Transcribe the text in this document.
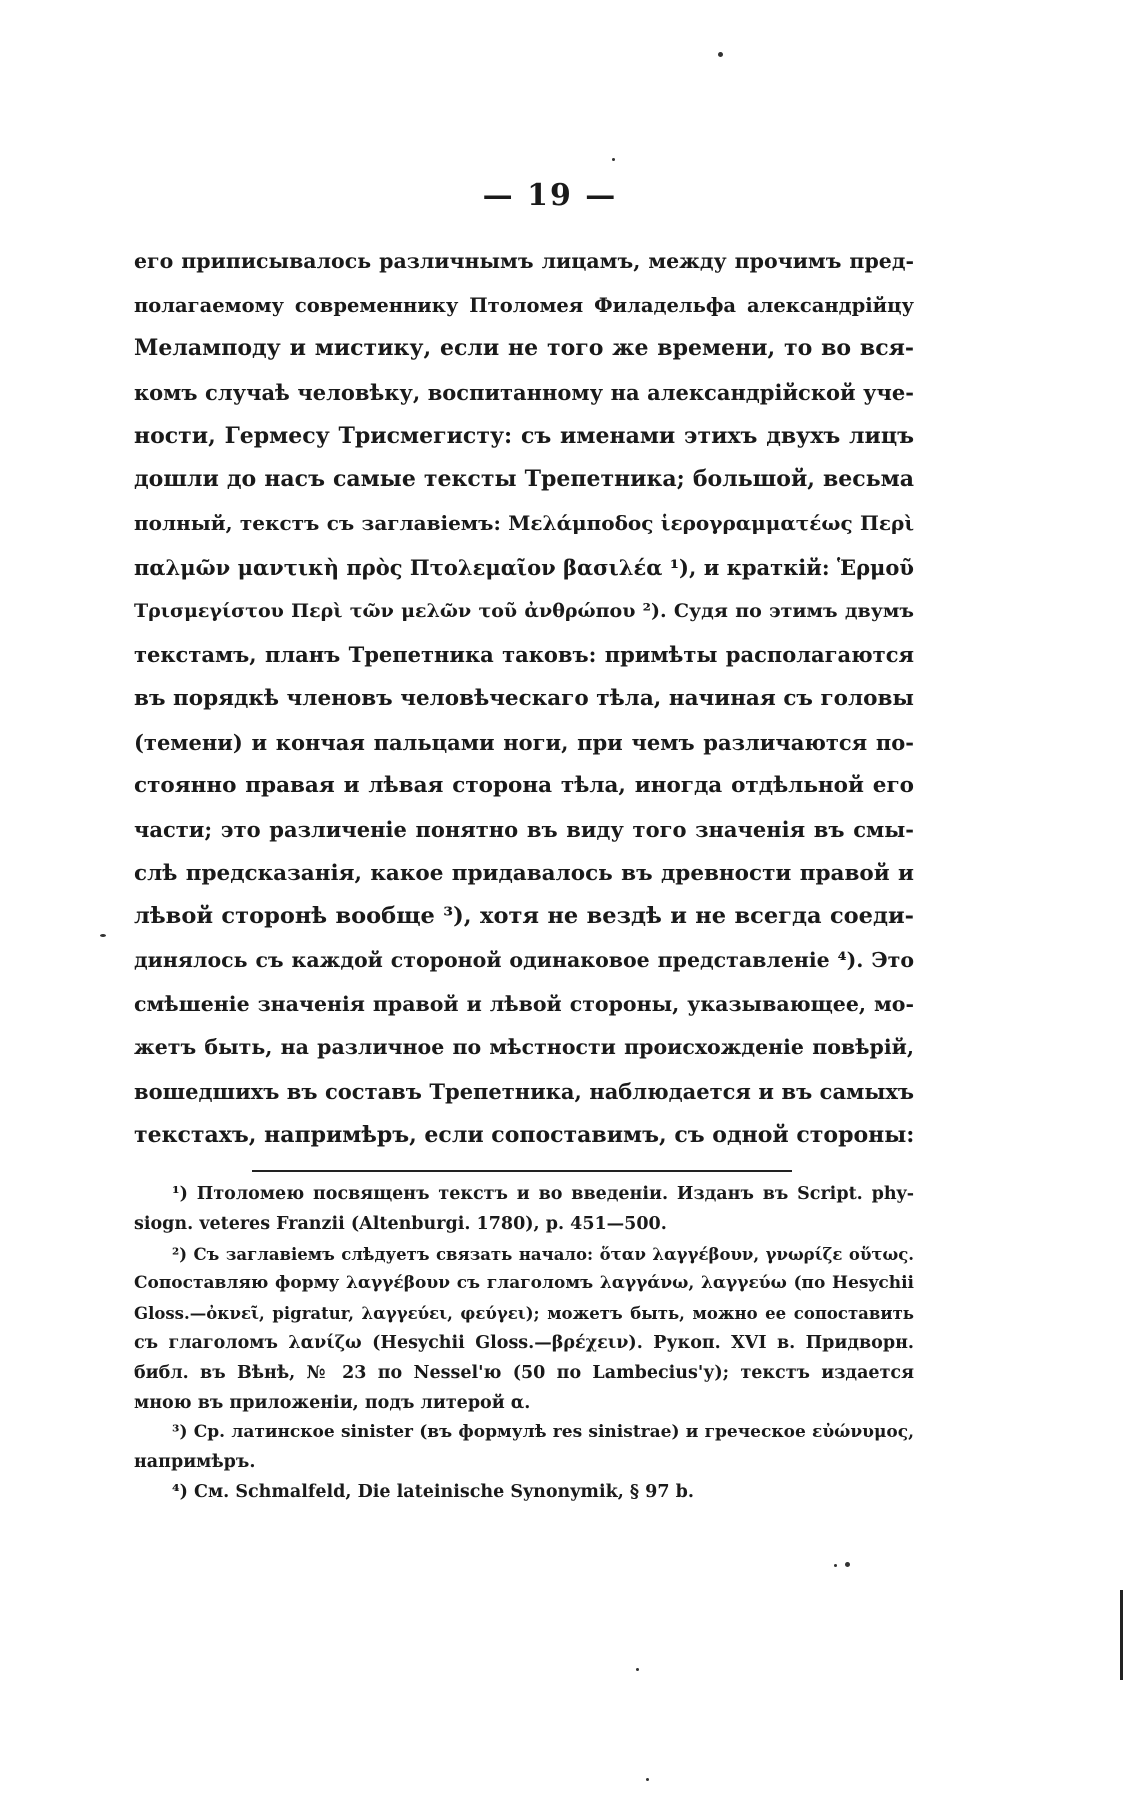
— 19 —
его приписывалось различнымъ лицамъ, между прочимъ пред-
полагаемому современнику Птоломея Филадельфа александрійцу
Меламподу и мистику, если не того же времени, то во вся-
комъ случаѣ человѣку, воспитанному на александрійской уче-
ности, Гермесу Трисмегисту: съ именами этихъ двухъ лицъ
дошли до насъ самые тексты Трепетника; большой, весьма
полный, текстъ съ заглавіемъ: Μελάμποδος ἱερογραμματέως Περὶ
παλμῶν μαντικὴ πρὸς Πτολεμαῖον βασιλέα ¹), и краткій: Ἑρμοῦ
Τρισμεγίστου Περὶ τῶν μελῶν τοῦ ἀνθρώπου ²). Судя по этимъ двумъ
текстамъ, планъ Трепетника таковъ: примѣты располагаются
въ порядкѣ членовъ человѣческаго тѣла, начиная съ головы
(темени) и кончая пальцами ноги, при чемъ различаются по-
стоянно правая и лѣвая сторона тѣла, иногда отдѣльной его
части; это различеніе понятно въ виду того значенія въ смы-
слѣ предсказанія, какое придавалось въ древности правой и
лѣвой сторонѣ вообще ³), хотя не вездѣ и не всегда соеди-
динялось съ каждой стороной одинаковое представленіе ⁴). Это
смѣшеніе значенія правой и лѣвой стороны, указывающее, мо-
жетъ быть, на различное по мѣстности происхожденіе повѣрій,
вошедшихъ въ составъ Трепетника, наблюдается и въ самыхъ
текстахъ, напримѣръ, если сопоставимъ, съ одной стороны:
¹) Птоломею посвященъ текстъ и во введеніи. Изданъ въ Script. phy-
siogn. veteres Franzii (Altenburgi. 1780), p. 451—500.
²) Съ заглавіемъ слѣдуетъ связать начало: ὅταν λαγγέβουν, γνωρίζε οὕτως.
Сопоставляю форму λαγγέβουν съ глаголомъ λαγγάνω, λαγγεύω (по Hesychii
Gloss.—ὀκνεῖ, pigratur, λαγγεύει, φεύγει); можетъ быть, можно ее сопоставить
съ глаголомъ λανίζω (Hesychii Gloss.—βρέχειν). Рукоп. XVI в. Придворн.
библ. въ Вѣнѣ, № 23 по Nessel'ю (50 по Lambecius'у); текстъ издается
мною въ приложеніи, подъ литерой α.
³) Ср. латинское sinister (въ формулѣ res sinistrae) и греческое εὐώνυμος,
напримѣръ.
⁴) См. Schmalfeld, Die lateinische Synonymik, § 97 b.
